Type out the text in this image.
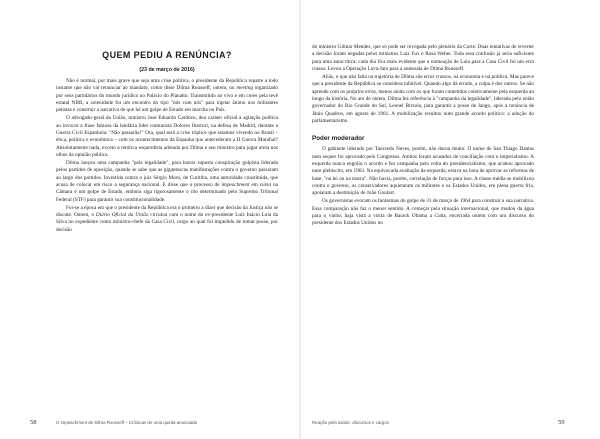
QUEM PEDIU A RENÚNCIA?
(23 de março de 2016)

Não é normal, por mais grave que seja uma crise política, o presidente da República reparte a todo instante que não vai renunciar ao mandato, como disse Dilma Rousseff, ontem, no meeting organizado por seus partidários do mundo jurídico no Palácio do Planalto. Transmitido ao vivo e em cores pela tevê estatal NBR, a solenidade foi um encontro do tipo "nós com nós" para injetar ânimo nos militantes petistas e construir a narrativa de que há um golpe de Estado em marcha no País.

O advogado-geral da União, ministro José Eduardo Cardozo, deu caráter oficial à agitação política ao invocar a frase famosa da lendária líder comunista Dolores Ibarruri, na defesa de Madrid, durante a Guerra Civil Espanhola: "Não passarão!" Ora, qual será a crise tríplice que estamos vivendo no Brasil – ética, política e econômica – com os acontecimentos da Espanha que antecederam a II Guerra Mundial? Absolutamente nada, exceto a retórica esquerdista adotada por Dilma e seu ministro para jogar areia nos olhos da opinião pública.

Dilma lançou uma campanha "pela legalidade", para barrar suposta conspiração golpista liderada pelos partidos de oposição, quando se sabe que as gigantescas manifestações contra o governo passaram ao largo dos partidos. Investida contra o juiz Sérgio Moro, de Curitiba, uma autoridade constituída, que acusa de colocar em risco a segurança nacional. E disse que o processo de impeachment em curso na Câmara é um golpe de Estado, embora siga rigorosamente o rito determinado pelo Supremo Tribunal Federal (STF) para garantir sua constitucionalidade.

Foi-se a época em que o presidente da República era o primeiro a dizer que decisão da Justiça não se discute. Ontem, o Diário Oficial da União circulou com o nome do ex-presidente Luiz Inácio Lula da Silva no expediente como ministro-chefe da Casa Civil, cargo ao qual foi impedido de tomar posse, por decisão

58	O impeachment de Dilma Rousseff – Crônicas de uma queda anunciada

do ministro Gilmar Mendes, que só pode ser revogada pelo plenário da Corte. Duas tentativas de reverter a decisão foram negadas pelos ministros Luiz Fux e Rosa Weber. Toda essa confusão já seria suficiente para uma autocrítica: cada dia fica mais evidente que a nomeação de Lula para a Casa Civil foi um erro crasso. Levou a Operação Lava-Jato para a antessala de Dilma Rousseff.

Aliás, o que não falta na trajetória de Dilma são erros crassos, na economia e na política. Mas parece que a presidente da República se considera infalível. Quando algo dá errado, a culpa é dos outros. Se não aprende com os próprios erros, menos ainda com os que foram cometidos coletivamente pela esquerda ao longo da história. No ato de ontem, Dilma fez referência à "campanha da legalidade", liderada pelo então governador do Rio Grande do Sul, Leonel Brizola, para garantir a posse de Jango, após a renúncia de Jânio Quadros, em agosto de 1961. A mobilização resultou num grande acordo político: a adoção do parlamentarismo.

Poder moderador

O gabinete liderado por Tancredo Neves, porém, não durou muito. O nome de San Thiago Dantas nem sequer foi aprovado pelo Congresso. Ambos foram acusados de conciliação com o imperialismo. A esquerda nunca engoliu o acordo e fez campanha pela volta do presidencialismo, que acabou aprovado num plebiscito, em 1963. Na equivocada avaliação da esquerda, estava na hora de aprovar as reformas de base, "na lei ou na marra". Não havia, porém, correlação de forças para isso. A classe média se mobilizou contra o governo, os conservadores aquietaram os militares e os Estados Unidos, em plena guerra fria, apoiaram a destituição de João Goulart.

Os governistas evocam os fantasmas do golpe de 31 de março de 1964 para construir a sua narrativa. Essa comparação não faz o menor sentido. A começar pela situação internacional, que mudou da água para o vinho; haja vista a visita de Barack Obama a Cuba, encerrada ontem com um discurso do presidente dos Estados Unidos no

Reação pela saúde: discursos e cargos	59
